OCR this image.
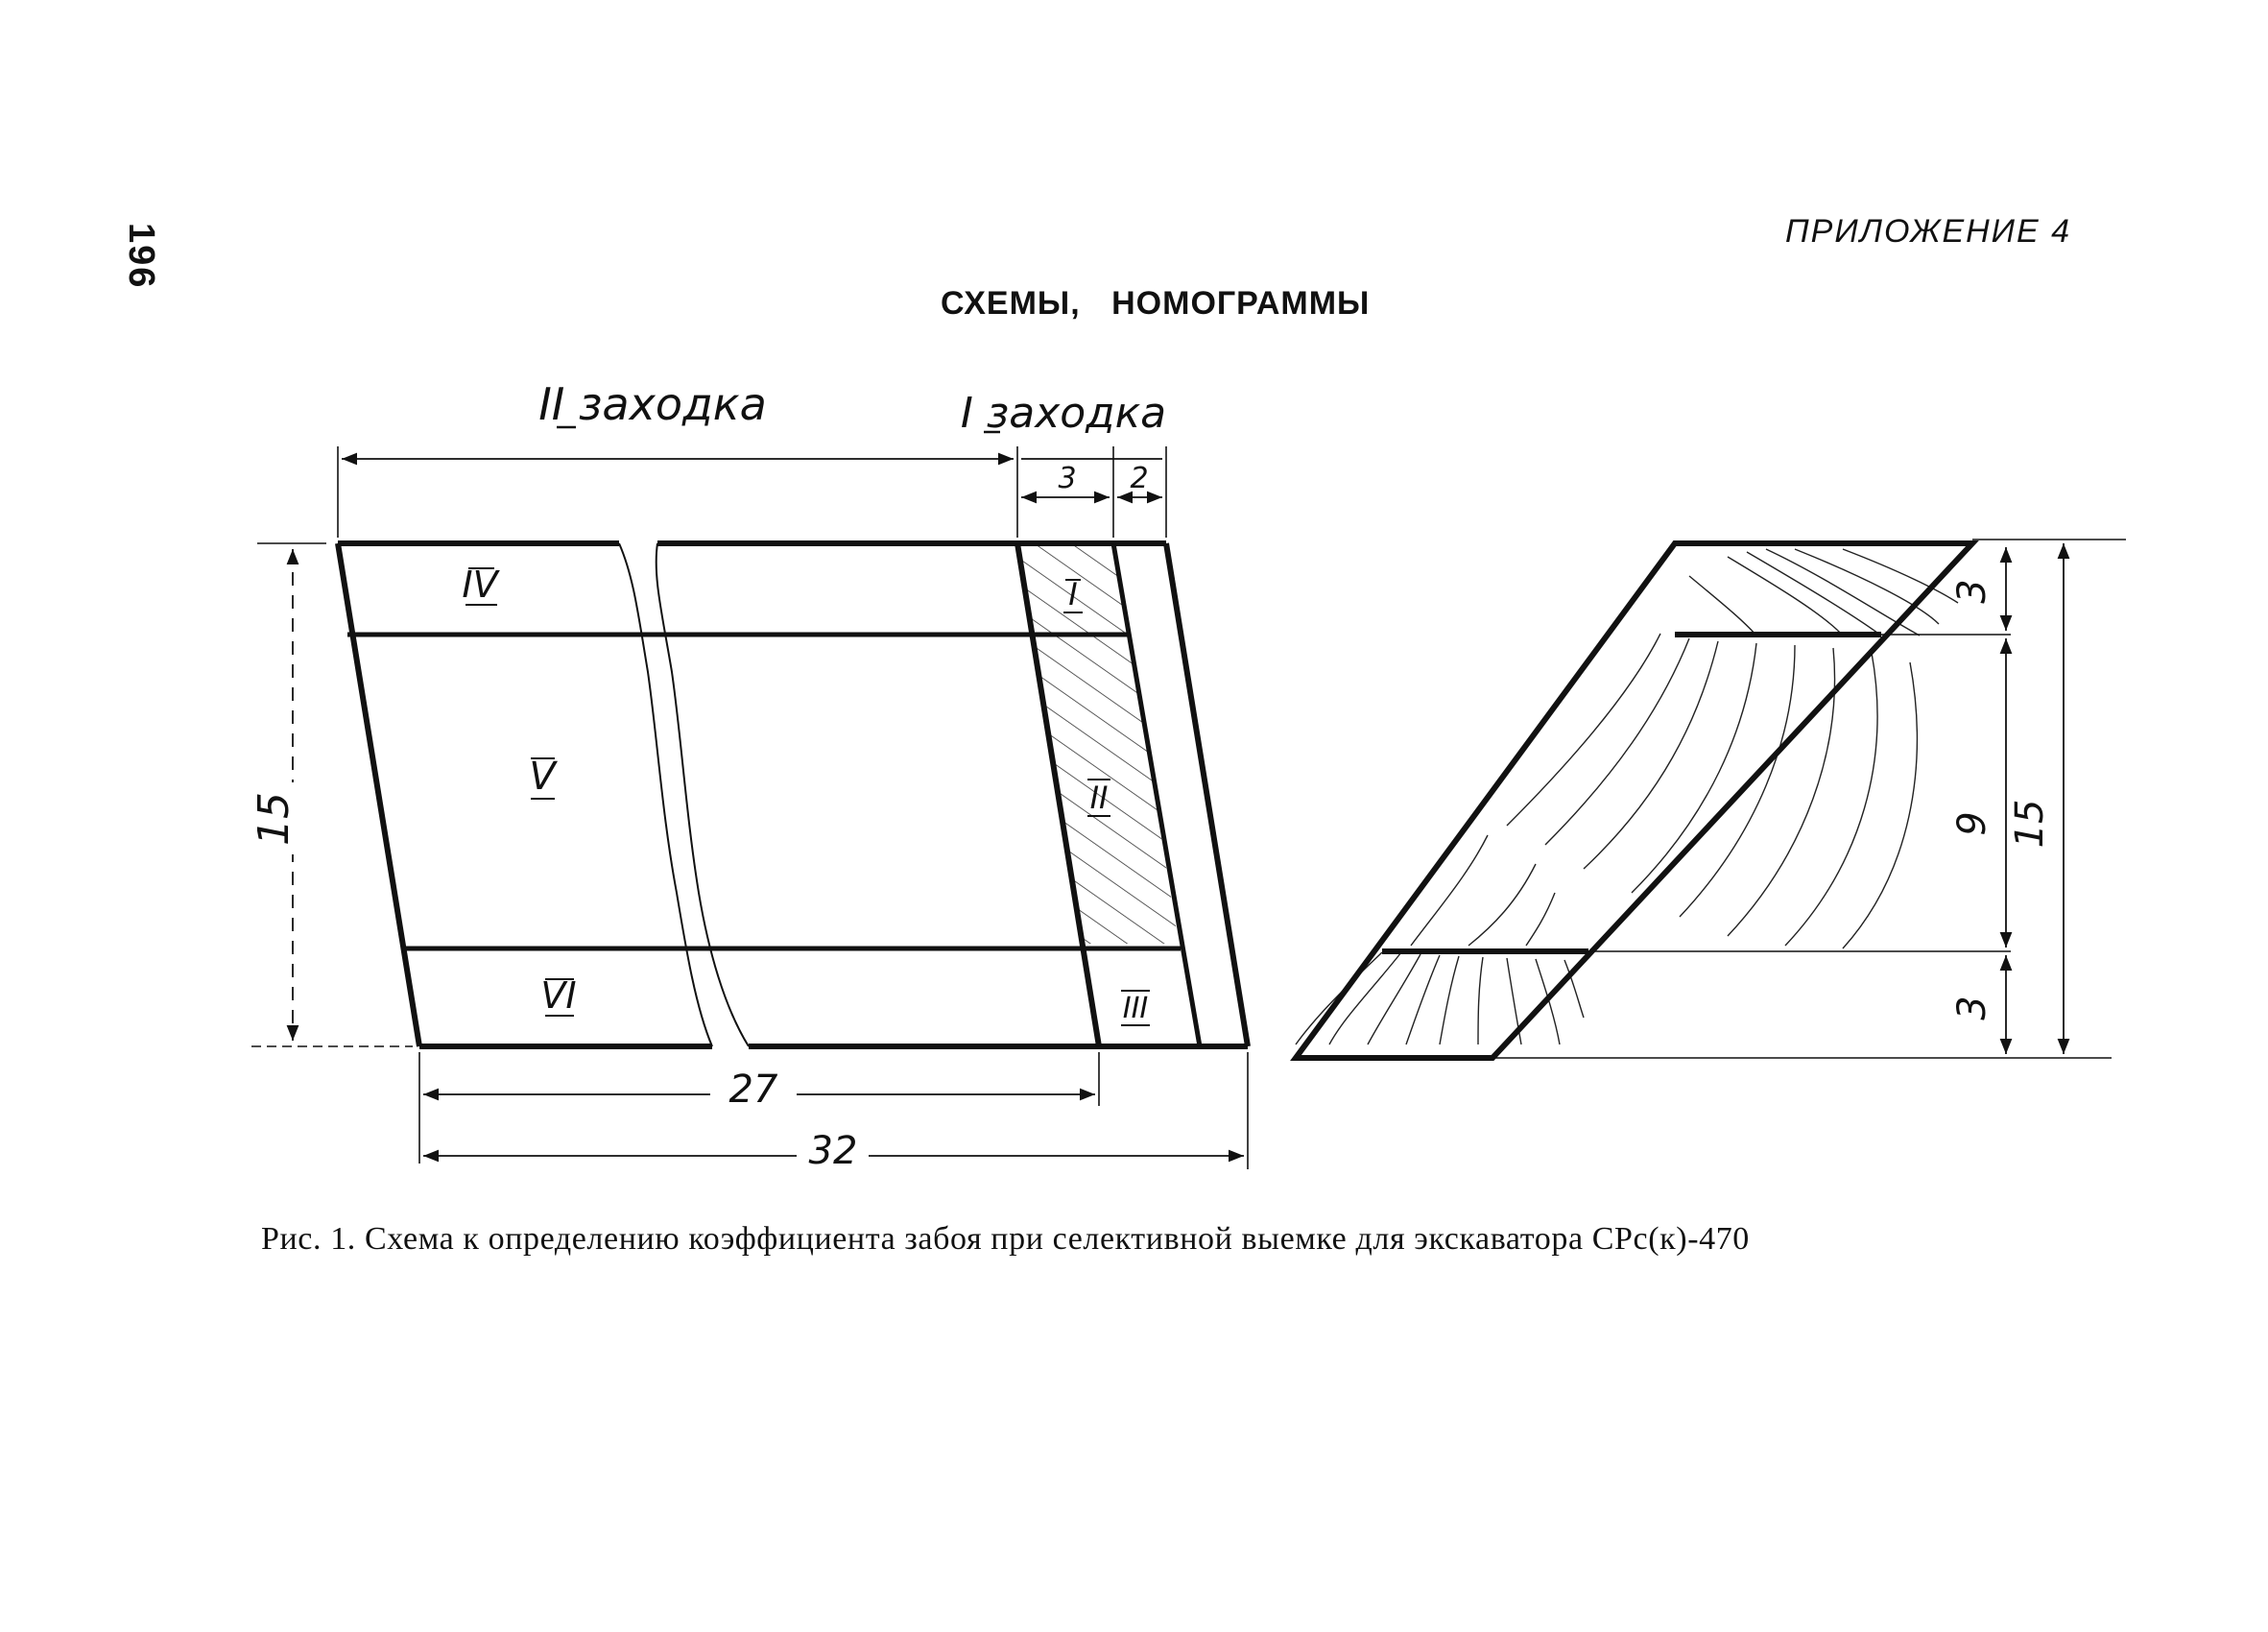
196	ПРИЛОЖЕНИЕ 4
СХЕМЫ, НОМОГРАММЫ
IV
V
VI
I
II
III
II заходка	I заходка
3 2
15
27
32
3
9
3
15
Рис. 1. Схема к определению коэффициента забоя при селективной выемке для экскаватора СРс(к)-470
